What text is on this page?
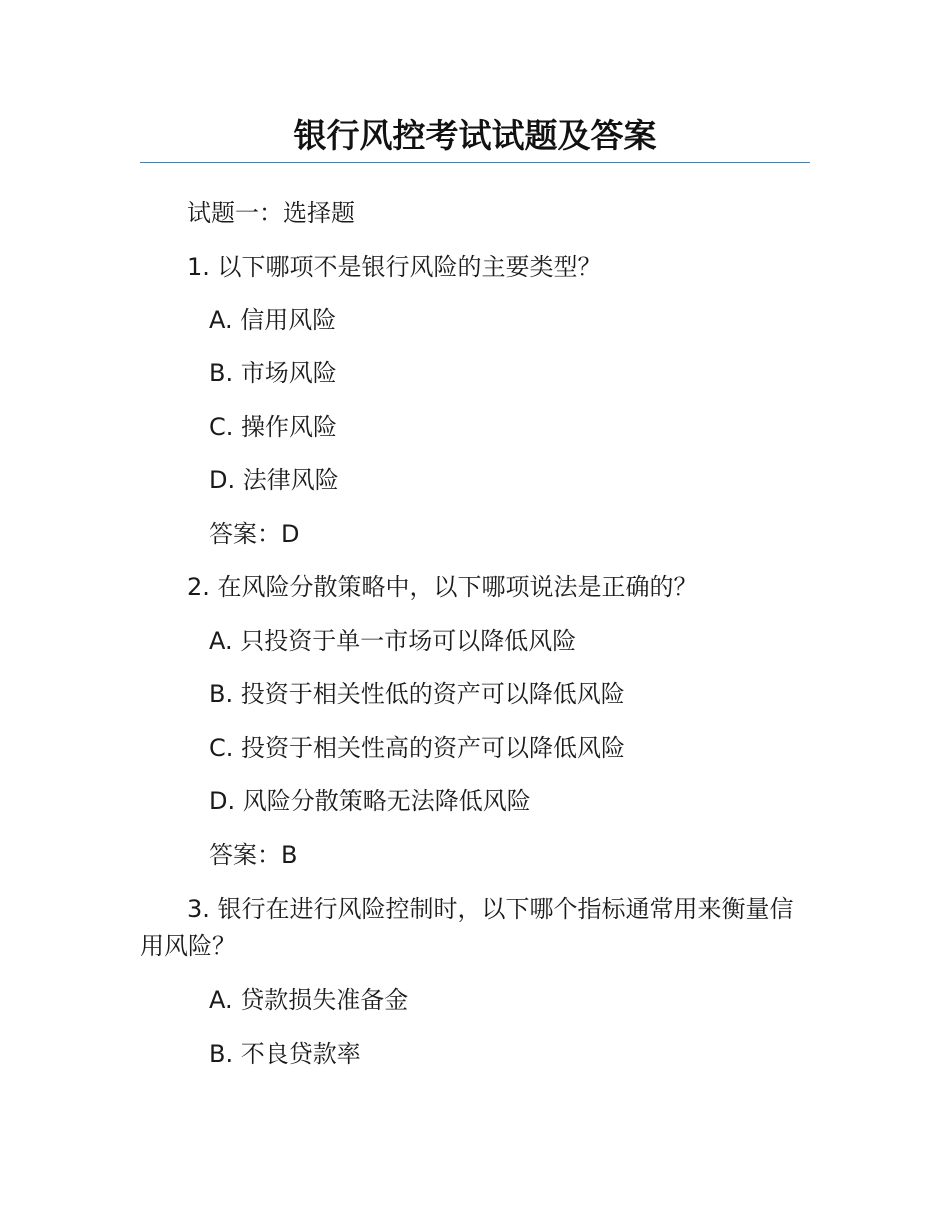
银行风控考试试题及答案
试题一：选择题
1. 以下哪项不是银行风险的主要类型？
A. 信用风险
B. 市场风险
C. 操作风险
D. 法律风险
答案：D
2. 在风险分散策略中，以下哪项说法是正确的？
A. 只投资于单一市场可以降低风险
B. 投资于相关性低的资产可以降低风险
C. 投资于相关性高的资产可以降低风险
D. 风险分散策略无法降低风险
答案：B
3. 银行在进行风险控制时，以下哪个指标通常用来衡量信用风险？
A. 贷款损失准备金
B. 不良贷款率
